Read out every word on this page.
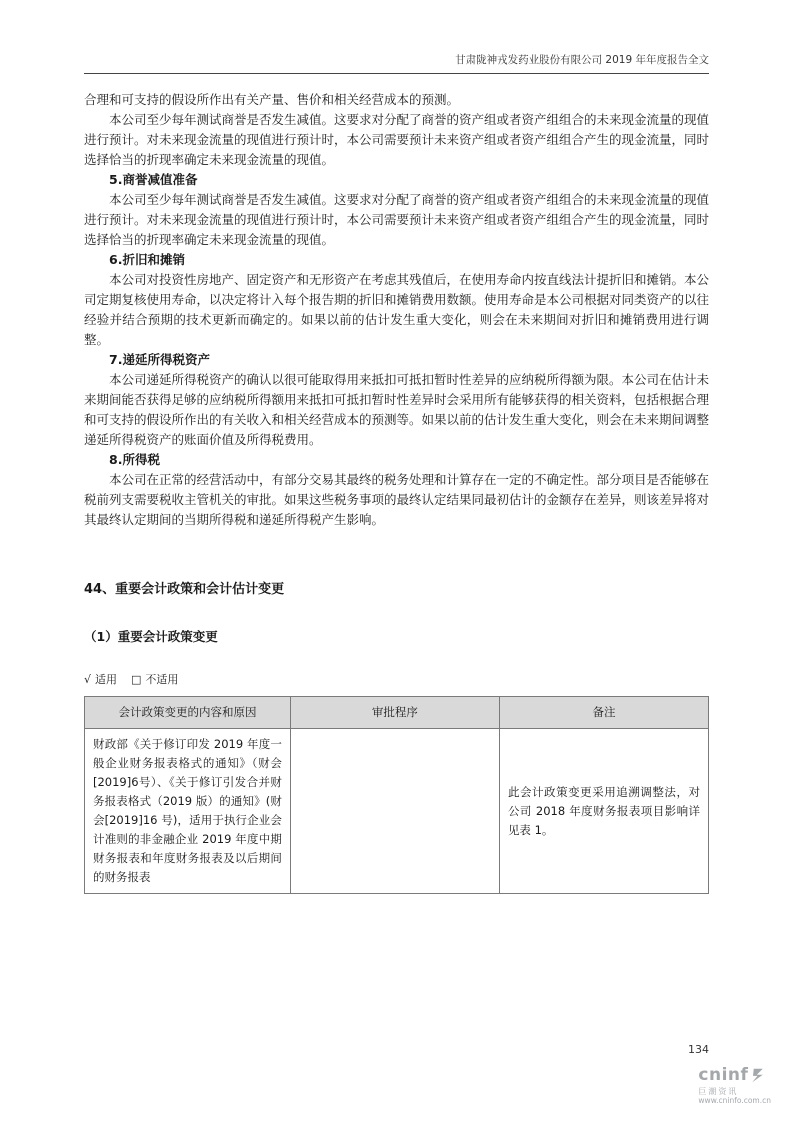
甘肃陇神戎发药业股份有限公司 2019 年年度报告全文

合理和可支持的假设所作出有关产量、售价和相关经营成本的预测。

本公司至少每年测试商誉是否发生减值。这要求对分配了商誉的资产组或者资产组组合的未来现金流量的现值进行预计。对未来现金流量的现值进行预计时，本公司需要预计未来资产组或者资产组组合产生的现金流量，同时选择恰当的折现率确定未来现金流量的现值。

5.商誉减值准备

本公司至少每年测试商誉是否发生减值。这要求对分配了商誉的资产组或者资产组组合的未来现金流量的现值进行预计。对未来现金流量的现值进行预计时，本公司需要预计未来资产组或者资产组组合产生的现金流量，同时选择恰当的折现率确定未来现金流量的现值。

6.折旧和摊销

本公司对投资性房地产、固定资产和无形资产在考虑其残值后，在使用寿命内按直线法计提折旧和摊销。本公司定期复核使用寿命，以决定将计入每个报告期的折旧和摊销费用数额。使用寿命是本公司根据对同类资产的以往经验并结合预期的技术更新而确定的。如果以前的估计发生重大变化，则会在未来期间对折旧和摊销费用进行调整。

7.递延所得税资产

本公司递延所得税资产的确认以很可能取得用来抵扣可抵扣暂时性差异的应纳税所得额为限。本公司在估计未来期间能否获得足够的应纳税所得额用来抵扣可抵扣暂时性差异时会采用所有能够获得的相关资料，包括根据合理和可支持的假设所作出的有关收入和相关经营成本的预测等。如果以前的估计发生重大变化，则会在未来期间调整递延所得税资产的账面价值及所得税费用。

8.所得税

本公司在正常的经营活动中，有部分交易其最终的税务处理和计算存在一定的不确定性。部分项目是否能够在税前列支需要税收主管机关的审批。如果这些税务事项的最终认定结果同最初估计的金额存在差异，则该差异将对其最终认定期间的当期所得税和递延所得税产生影响。

44、重要会计政策和会计估计变更
（1）重要会计政策变更
√ 适用 □ 不适用
会计政策变更的内容和原因	审批程序	备注
财政部《关于修订印发 2019 年度一般企业财务报表格式的通知》（财会[2019]6号）、《关于修订引发合并财务报表格式（2019 版）的通知》(财会[2019]16 号)，适用于执行企业会计准则的非金融企业 2019 年度中期财务报表和年度财务报表及以后期间的财务报表		此会计政策变更采用追溯调整法，对公司 2018 年度财务报表项目影响详见表 1。
134
cninf
巨潮资讯
www.cninfo.com.cn
